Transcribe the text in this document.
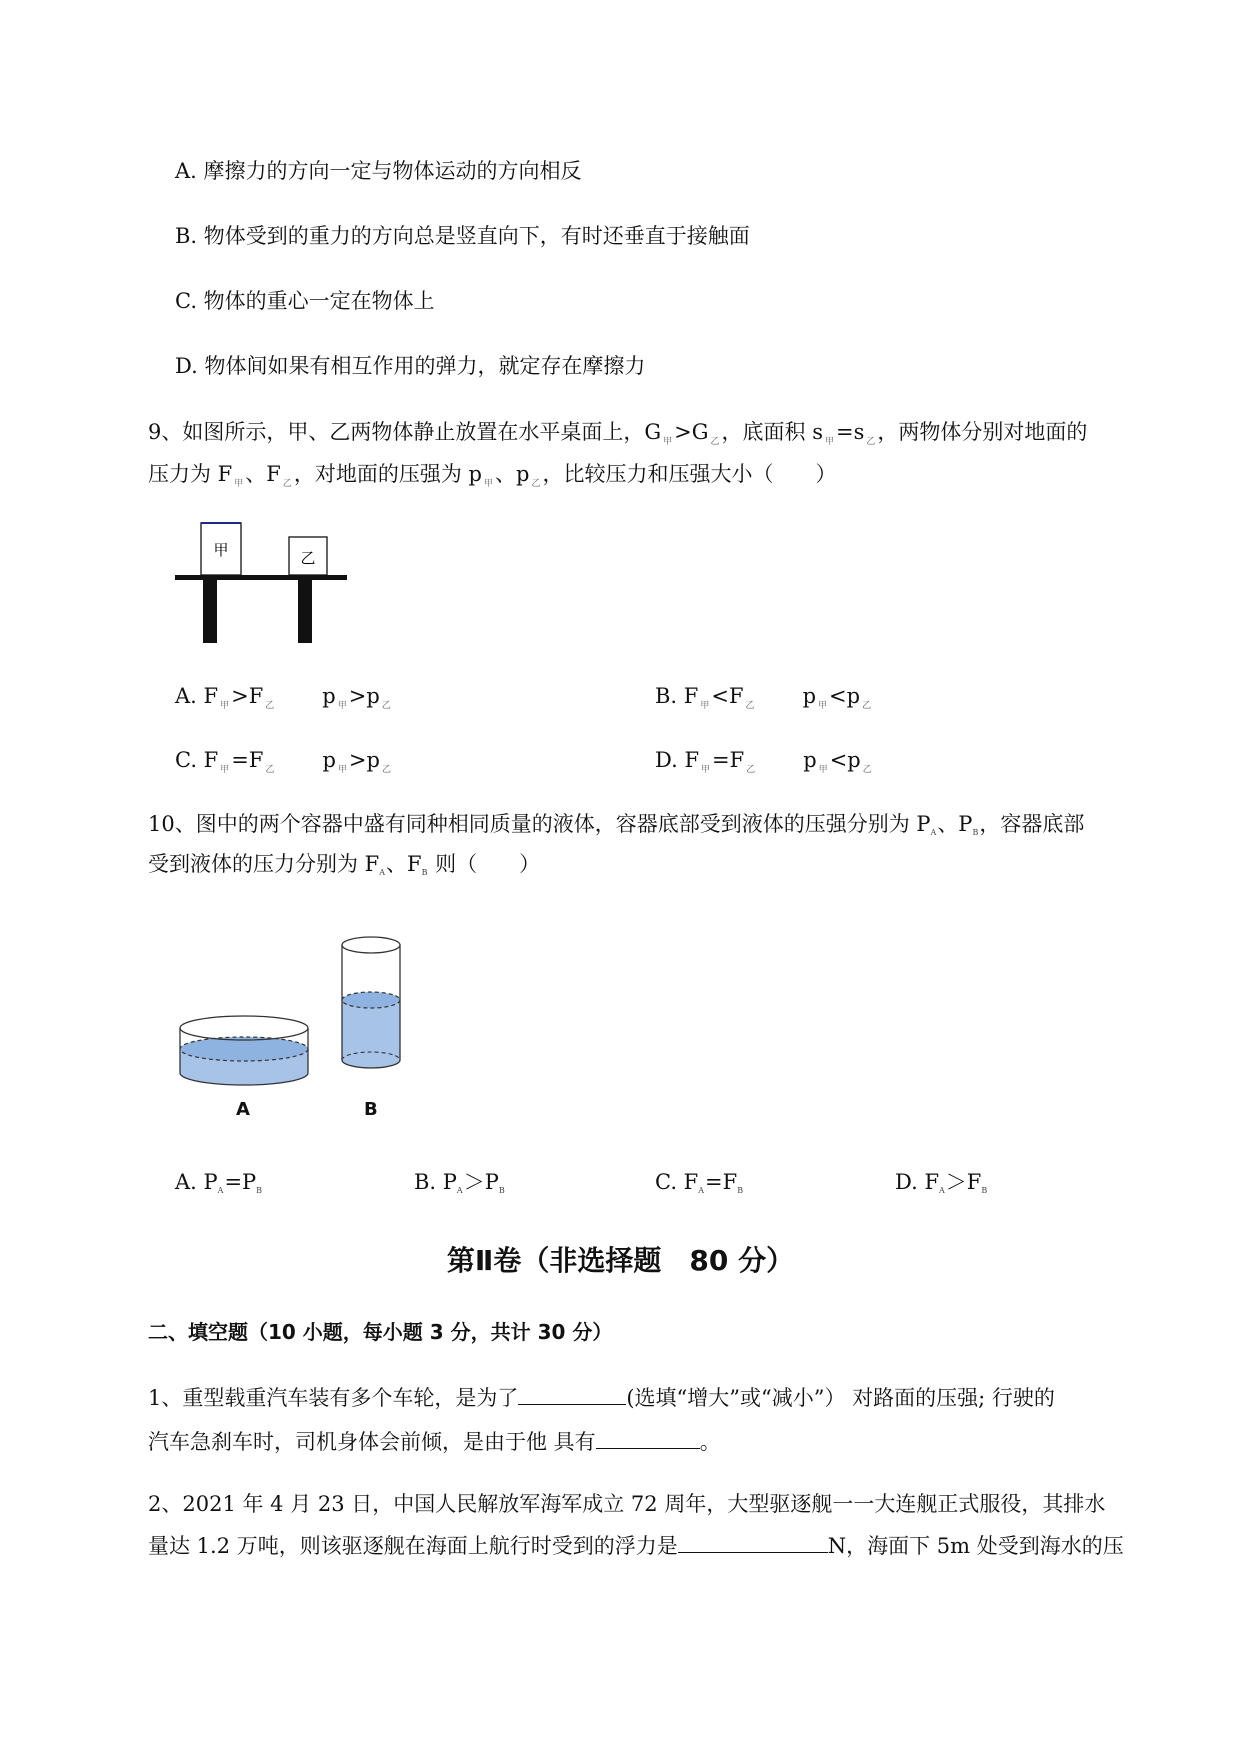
A. 摩擦力的方向一定与物体运动的方向相反
B. 物体受到的重力的方向总是竖直向下，有时还垂直于接触面
C. 物体的重心一定在物体上
D. 物体间如果有相互作用的弹力，就定存在摩擦力
9、如图所示，甲、乙两物体静止放置在水平桌面上，G $_甲$>G $_乙$，底面积 s $_甲$=s $_乙$，两物体分别对地面的
压力为 F $_甲$、F $_乙$，对地面的压强为 p $_甲$、p $_乙$，比较压力和压强大小（　　）
甲	乙
A. F $_甲$>F $_乙$ p $_甲$>p $_乙$	B. F $_甲$<F $_乙$ p $_甲$<p $_乙$
C. F $_甲$=F $_乙$ p $_甲$>p $_乙$	D. F $_甲$=F $_乙$ p $_甲$<p $_乙$
10、图中的两个容器中盛有同种相同质量的液体，容器底部受到液体的压强分别为 PA、PB，容器底部
受到液体的压力分别为 FA、FB 则（　　）
A	B
A. PA=PB	B. PA＞PB	C. FA=FB	D. FA＞FB
第Ⅱ卷（非选择题　80 分）
二、填空题（10 小题，每小题 3 分，共计 30 分）
1、重型载重汽车装有多个车轮，是为了	(选填“增大”或“减小”） 对路面的压强; 行驶的
汽车急刹车时，司机身体会前倾，是由于他 具有	。
2、2021 年 4 月 23 日，中国人民解放军海军成立 72 周年，大型驱逐舰一一大连舰正式服役，其排水
量达 1.2 万吨，则该驱逐舰在海面上航行时受到的浮力是	N，海面下 5m 处受到海水的压
